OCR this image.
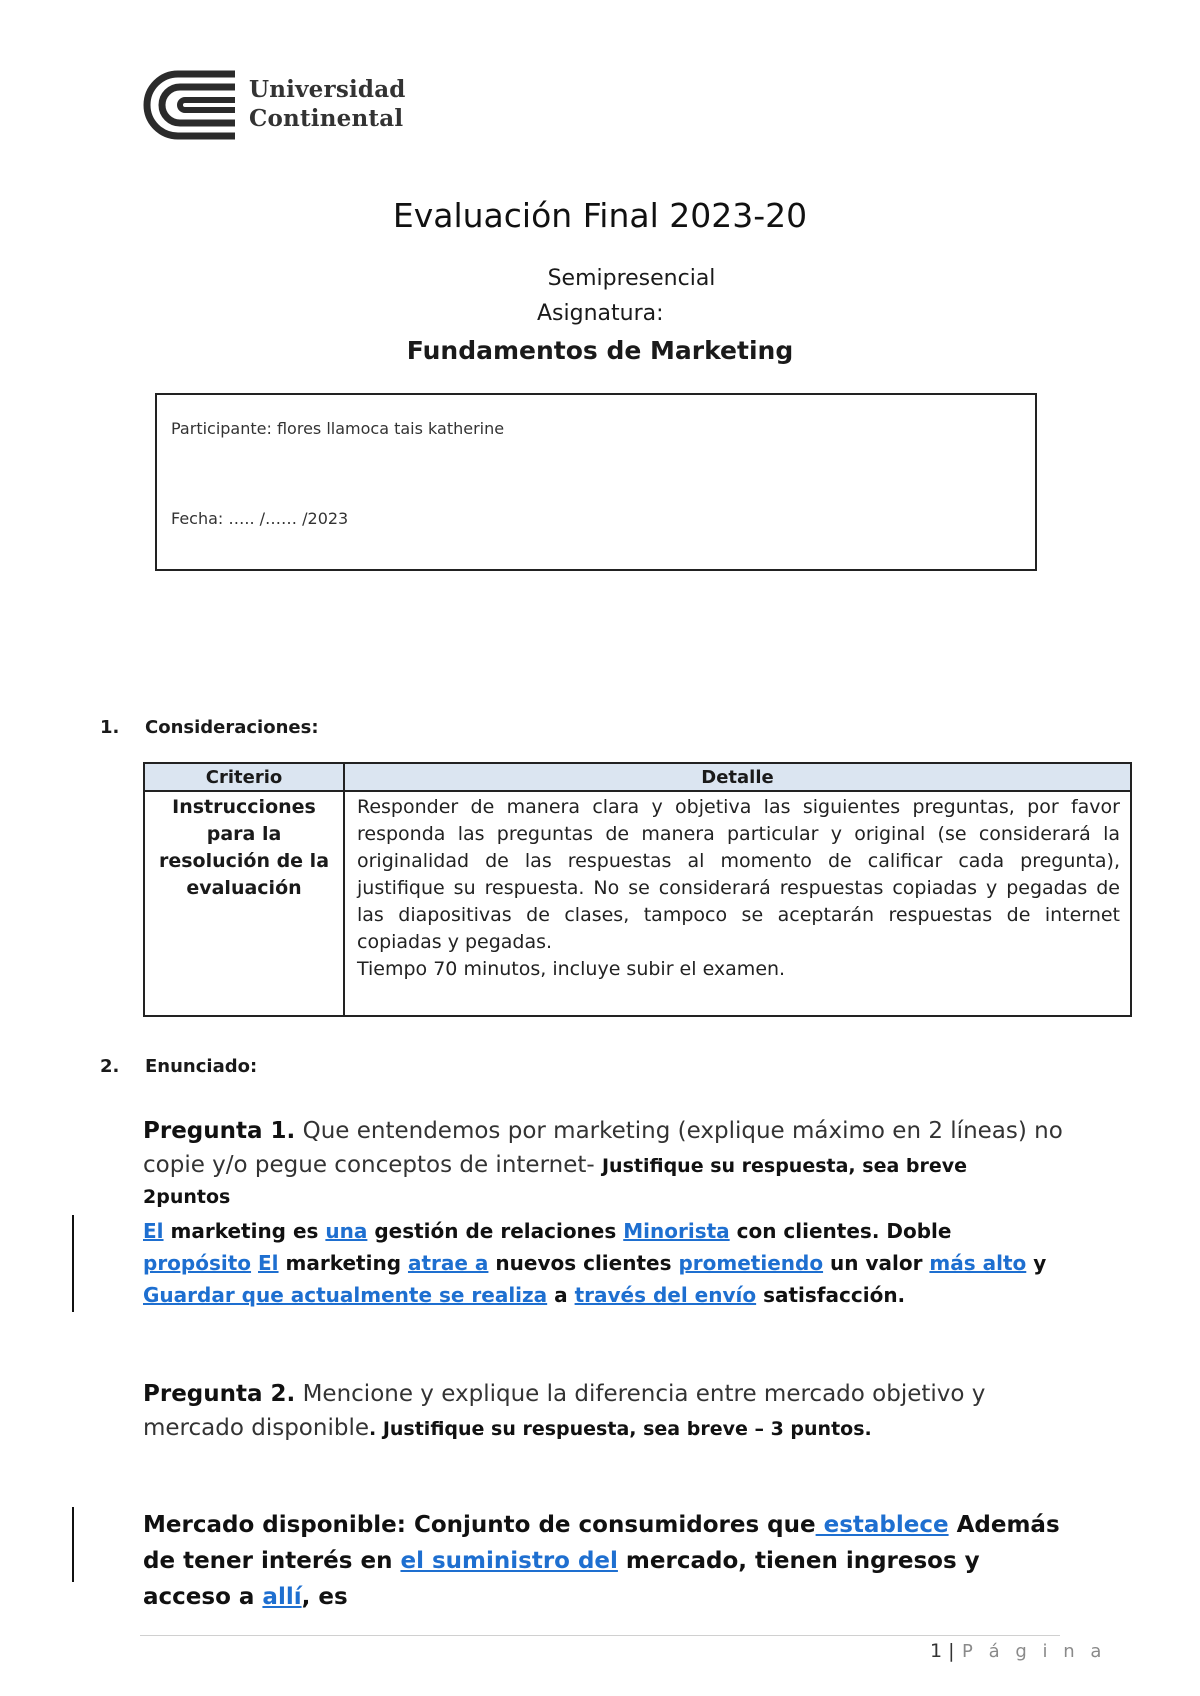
Universidad
Continental
Evaluación Final 2023-20
Semipresencial
Asignatura:
Fundamentos de Marketing
Participante: flores llamoca tais katherine
Fecha: ….. /…… /2023
1. Consideraciones:
Criterio	Detalle
Instrucciones para la resolución de la evaluación	Responder de manera clara y objetiva las siguientes preguntas, por favor responda las preguntas de manera particular y original (se considerará la originalidad de las respuestas al momento de calificar cada pregunta), justifique su respuesta. No se considerará respuestas copiadas y pegadas de las diapositivas de clases, tampoco se aceptarán respuestas de internet copiadas y pegadas.
Tiempo 70 minutos, incluye subir el examen.
2. Enunciado:
Pregunta 1. Que entendemos por marketing (explique máximo en 2 líneas) no copie y/o pegue conceptos de internet- Justifique su respuesta, sea breve
2puntos
El marketing es una gestión de relaciones Minorista con clientes. Doble propósito El marketing atrae a nuevos clientes prometiendo un valor más alto y Guardar que actualmente se realiza a través del envío satisfacción.
Pregunta 2. Mencione y explique la diferencia entre mercado objetivo y mercado disponible. Justifique su respuesta, sea breve – 3 puntos.
Mercado disponible: Conjunto de consumidores que establece Además de tener interés en el suministro del mercado, tienen ingresos y acceso a allí, es
1 | P á g i n a
